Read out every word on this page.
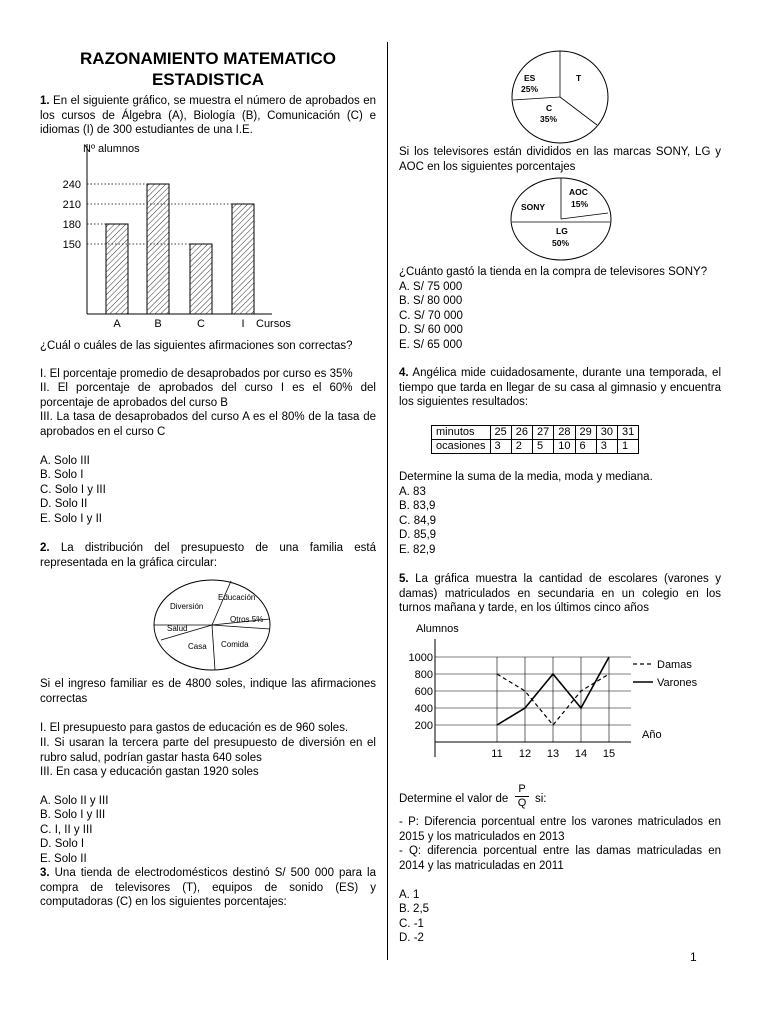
RAZONAMIENTO MATEMATICO
ESTADISTICA
1. En el siguiente gráfico, se muestra el número de aprobados en los cursos de Álgebra (A), Biología (B), Comunicación (C) e idiomas (I) de 300 estudiantes de una I.E.
Nº alumnos
Cursos
150
180
210
240
A	B	C	I
¿Cuál o cuáles de las siguientes afirmaciones son correctas?
I. El porcentaje promedio de desaprobados por curso es 35%
II. El porcentaje de aprobados del curso I es el 60% del porcentaje de aprobados del curso B
III. La tasa de desaprobados del curso A es el 80% de la tasa de aprobados en el curso C
A. Solo III
B. Solo I
C. Solo I y III
D. Solo II
E. Solo I y II
2. La distribución del presupuesto de una familia está representada en la gráfica circular:
Diversión
Educación
Otros 5%
Salud
Casa Comida
Si el ingreso familiar es de 4800 soles, indique las afirmaciones correctas
I. El presupuesto para gastos de educación es de 960 soles.
II. Si usaran la tercera parte del presupuesto de diversión en el rubro salud, podrían gastar hasta 640 soles
III. En casa y educación gastan 1920 soles
A. Solo II y III
B. Solo I y III
C. I, II y III
D. Solo I
E. Solo II
3. Una tienda de electrodomésticos destinó S/ 500 000 para la compra de televisores (T), equipos de sonido (ES) y computadoras (C) en los siguientes porcentajes:
ES
25%
T
C
35%
Si los televisores están divididos en las marcas SONY, LG y AOC en los siguientes porcentajes
SONY
AOC
15%
LG
50%
¿Cuánto gastó la tienda en la compra de televisores SONY?
A. S/ 75 000
B. S/ 80 000
C. S/ 70 000
D. S/ 60 000
E. S/ 65 000
4. Angélica mide cuidadosamente, durante una temporada, el tiempo que tarda en llegar de su casa al gimnasio y encuentra los siguientes resultados:
minutos	25	26	27	28	29	30	31
ocasiones	3	2	5	10	6	3	1
Determine la suma de la media, moda y mediana.
A. 83
B. 83,9
C. 84,9
D. 85,9
E. 82,9
5. La gráfica muestra la cantidad de escolares (varones y damas) matriculados en secundaria en un colegio en los turnos mañana y tarde, en los últimos cinco años
Alumnos
Año
200
400
600
800
1000
11 12 13 14 15
Damas
Varones
Determine el valor de $\frac{P}{Q}$ si:
- P: Diferencia porcentual entre los varones matriculados en 2015 y los matriculados en 2013
- Q: diferencia porcentual entre las damas matriculadas en 2014 y las matriculadas en 2011
A. 1
B. 2,5
C. -1
D. -2
1
